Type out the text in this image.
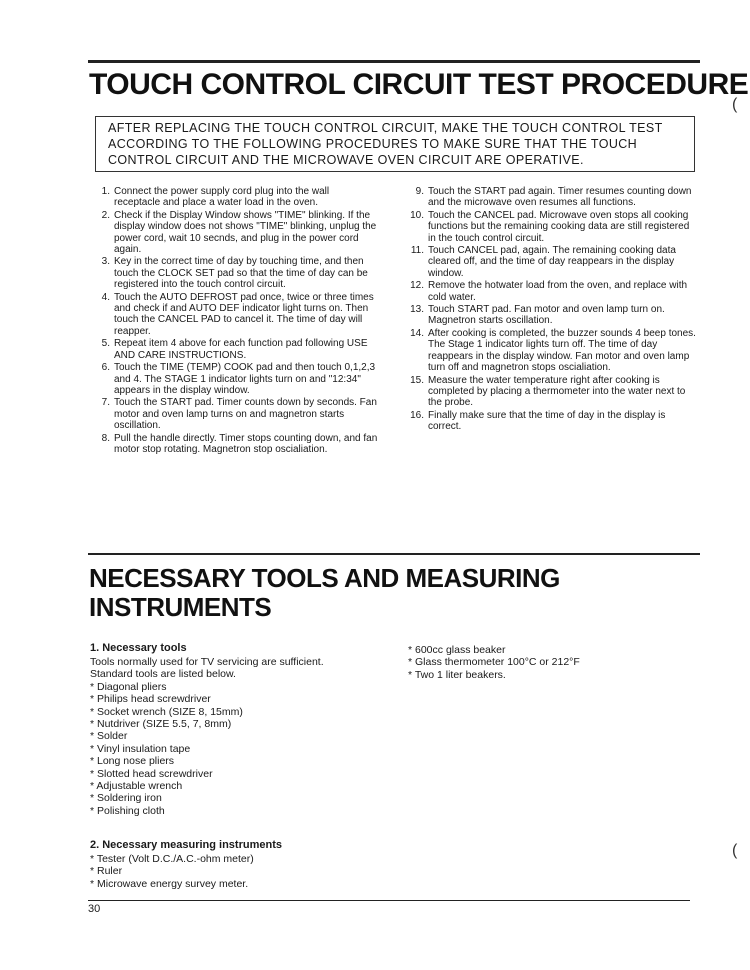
TOUCH CONTROL CIRCUIT TEST PROCEDURE
(
AFTER REPLACING THE TOUCH CONTROL CIRCUIT, MAKE THE TOUCH CONTROL TEST ACCORDING TO THE FOLLOWING PROCEDURES TO MAKE SURE THAT THE TOUCH CONTROL CIRCUIT AND THE MICROWAVE OVEN CIRCUIT ARE OPERATIVE.
1. Connect the power supply cord plug into the wall receptacle and place a water load in the oven.
2. Check if the Display Window shows "TIME" blinking. If the display window does not shows "TIME" blinking, unplug the power cord, wait 10 secnds, and plug in the power cord again.
3. Key in the correct time of day by touching time, and then touch the CLOCK SET pad so that the time of day can be registered into the touch control circuit.
4. Touch the AUTO DEFROST pad once, twice or three times and check if and AUTO DEF indicator light turns on. Then touch the CANCEL PAD to cancel it. The time of day will reapper.
5. Repeat item 4 above for each function pad following USE AND CARE INSTRUCTIONS.
6. Touch the TIME (TEMP) COOK pad and then touch 0,1,2,3 and 4. The STAGE 1 indicator lights turn on and "12:34" appears in the display window.
7. Touch the START pad. Timer counts down by seconds. Fan motor and oven lamp turns on and magnetron starts oscillation.
8. Pull the handle directly. Timer stops counting down, and fan motor stop rotating. Magnetron stop oscialiation.
9. Touch the START pad again. Timer resumes counting down and the microwave oven resumes all functions.
10. Touch the CANCEL pad. Microwave oven stops all cooking functions but the remaining cooking data are still registered in the touch control circuit.
11. Touch CANCEL pad, again. The remaining cooking data cleared off, and the time of day reappears in the display window.
12. Remove the hotwater load from the oven, and replace with cold water.
13. Touch START pad. Fan motor and oven lamp turn on. Magnetron starts oscillation.
14. After cooking is completed, the buzzer sounds 4 beep tones. The Stage 1 indicator lights turn off. The time of day reappears in the display window. Fan motor and oven lamp turn off and magnetron stops oscialiation.
15. Measure the water temperature right after cooking is completed by placing a thermometer into the water next to the probe.
16. Finally make sure that the time of day in the display is correct.
NECESSARY TOOLS AND MEASURING
INSTRUMENTS
1. Necessary tools
Tools normally used for TV servicing are sufficient.
Standard tools are listed below.
* Diagonal pliers
* Philips head screwdriver
* Socket wrench (SIZE 8, 15mm)
* Nutdriver (SIZE 5.5, 7, 8mm)
* Solder
* Vinyl insulation tape
* Long nose pliers
* Slotted head screwdriver
* Adjustable wrench
* Soldering iron
* Polishing cloth
2. Necessary measuring instruments
* Tester (Volt D.C./A.C.-ohm meter)
* Ruler
* Microwave energy survey meter.
* 600cc glass beaker
* Glass thermometer 100°C or 212°F
* Two 1 liter beakers.
(
30
